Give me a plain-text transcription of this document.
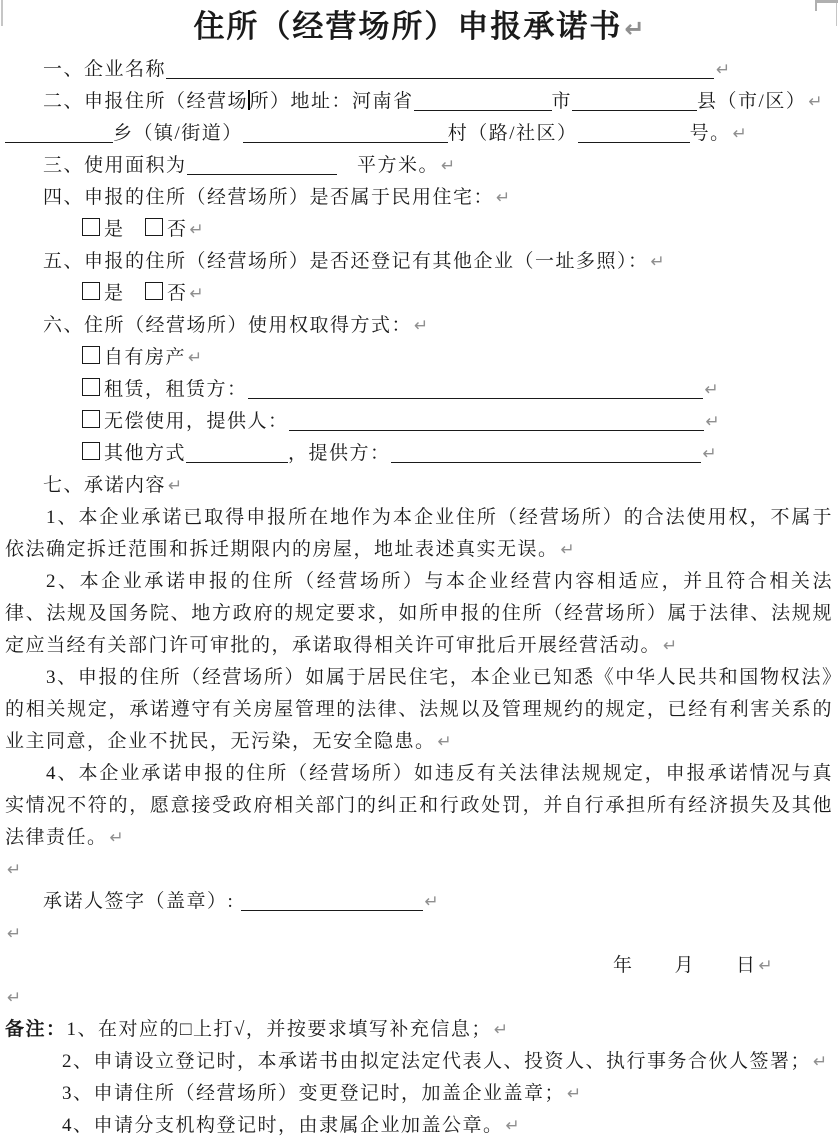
住所（经营场所）申报承诺书↵
一、企业名称	↵
二、申报住所（经营场所）地址：河南省	市	县（市/区） ↵
乡（镇/街道）	村（路/社区）	号。 ↵
三、使用面积为	　平方米。 ↵
四、申报的住所（经营场所）是否属于民用住宅： ↵
是　否 ↵
五、申报的住所（经营场所）是否还登记有其他企业（一址多照）： ↵
是　否 ↵
六、住所（经营场所）使用权取得方式： ↵
自有房产 ↵
租赁，租赁方：	↵
无偿使用，提供人：	↵
其他方式	，提供方：	↵
七、承诺内容 ↵
1、本企业承诺已取得申报所在地作为本企业住所（经营场所）的合法使用权，不属于依法确定拆迁范围和拆迁期限内的房屋，地址表述真实无误。 ↵
2、本企业承诺申报的住所（经营场所）与本企业经营内容相适应，并且符合相关法律、法规及国务院、地方政府的规定要求，如所申报的住所（经营场所）属于法律、法规规定应当经有关部门许可审批的，承诺取得相关许可审批后开展经营活动。 ↵
3、申报的住所（经营场所）如属于居民住宅，本企业已知悉《中华人民共和国物权法》的相关规定，承诺遵守有关房屋管理的法律、法规以及管理规约的规定，已经有利害关系的业主同意，企业不扰民，无污染，无安全隐患。 ↵
4、本企业承诺申报的住所（经营场所）如违反有关法律法规规定，申报承诺情况与真实情况不符的，愿意接受政府相关部门的纠正和行政处罚，并自行承担所有经济损失及其他法律责任。 ↵
↵
承诺人签字（盖章）:	↵
↵
年　　月　　日 ↵
↵
备注：1、在对应的□上打√，并按要求填写补充信息； ↵
2、申请设立登记时，本承诺书由拟定法定代表人、投资人、执行事务合伙人签署； ↵
3、申请住所（经营场所）变更登记时，加盖企业盖章； ↵
4、申请分支机构登记时，由隶属企业加盖公章。 ↵
